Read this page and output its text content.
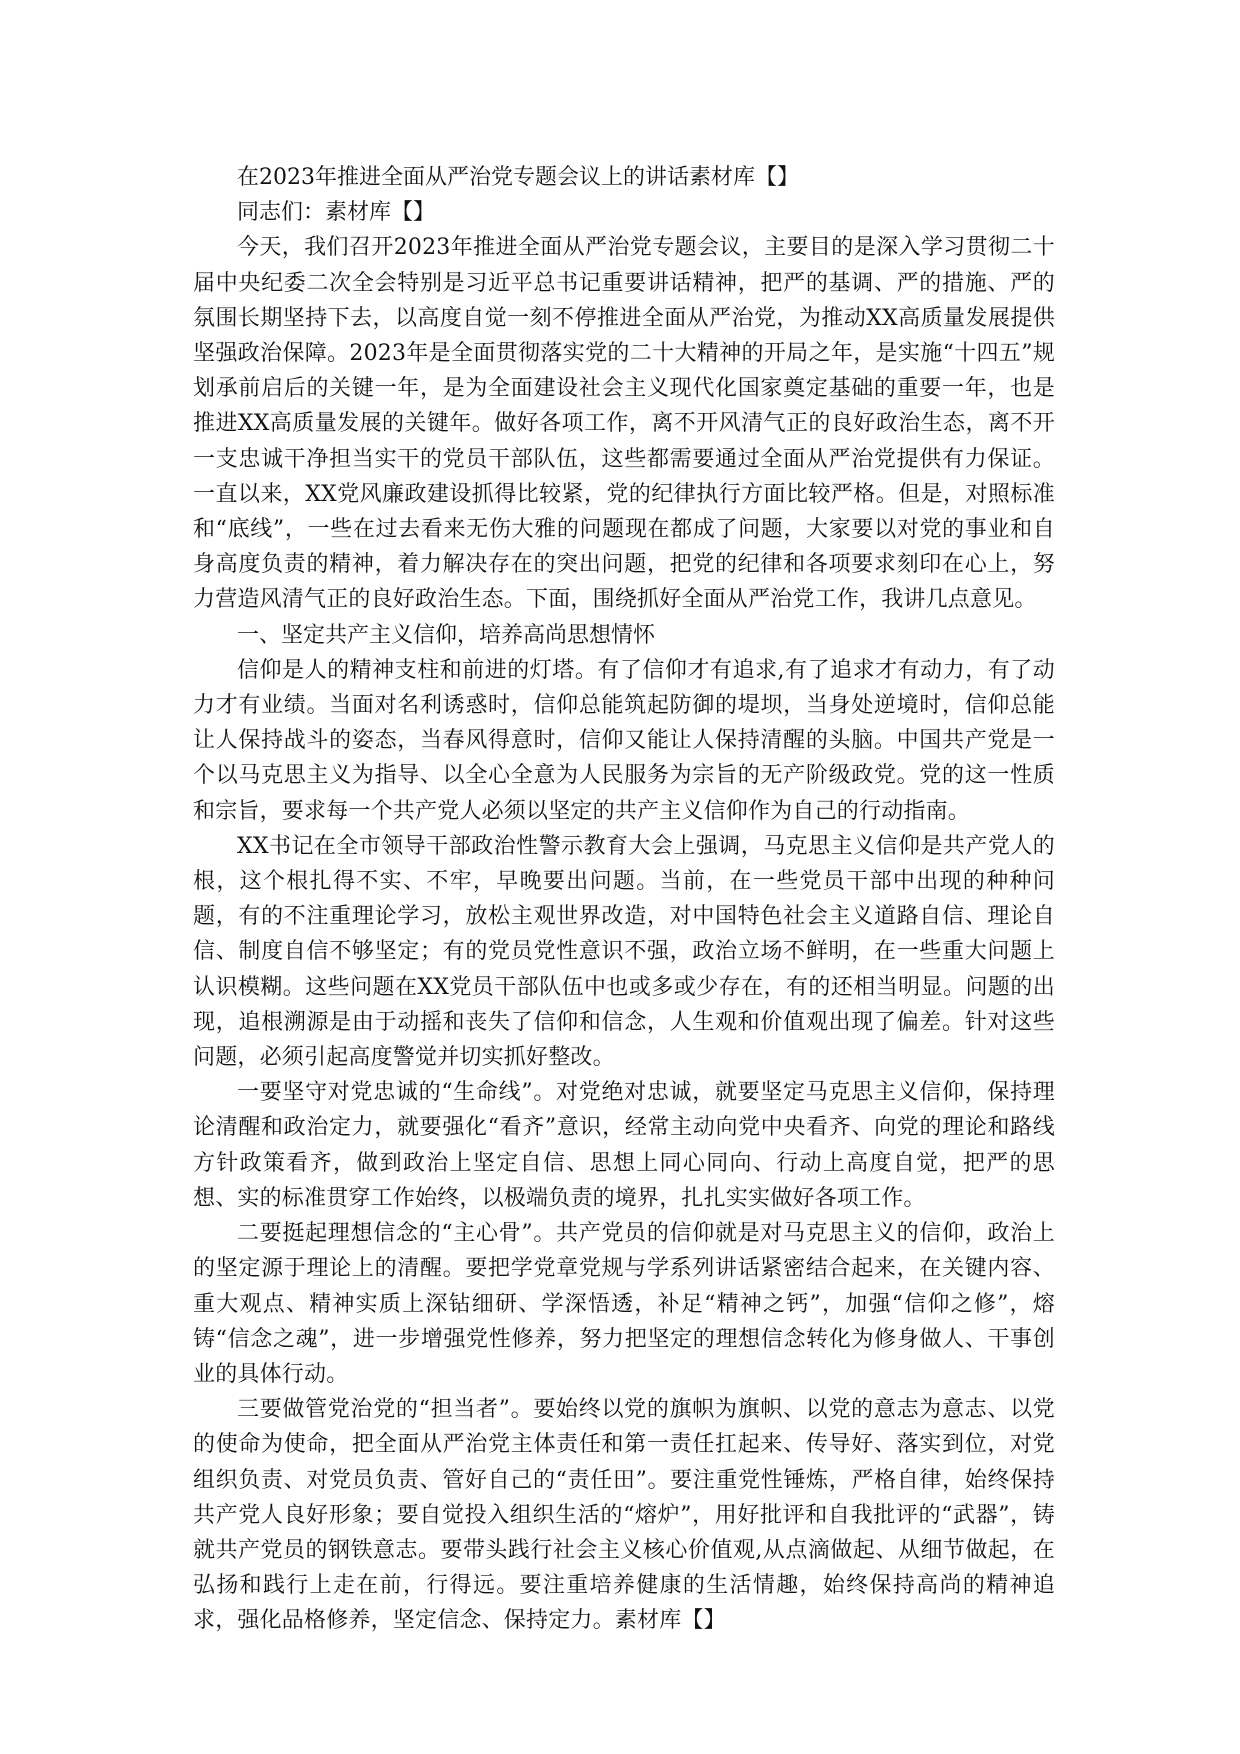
在2023年推进全面从严治党专题会议上的讲话素材库【】

同志们：素材库【】

今天，我们召开2023年推进全面从严治党专题会议，主要目的是深入学习贯彻二十届中央纪委二次全会特别是习近平总书记重要讲话精神，把严的基调、严的措施、严的氛围长期坚持下去，以高度自觉一刻不停推进全面从严治党，为推动XX高质量发展提供坚强政治保障。2023年是全面贯彻落实党的二十大精神的开局之年，是实施“十四五”规划承前启后的关键一年，是为全面建设社会主义现代化国家奠定基础的重要一年，也是推进XX高质量发展的关键年。做好各项工作，离不开风清气正的良好政治生态，离不开一支忠诚干净担当实干的党员干部队伍，这些都需要通过全面从严治党提供有力保证。一直以来，XX党风廉政建设抓得比较紧，党的纪律执行方面比较严格。但是，对照标准和“底线”，一些在过去看来无伤大雅的问题现在都成了问题，大家要以对党的事业和自身高度负责的精神，着力解决存在的突出问题，把党的纪律和各项要求刻印在心上，努力营造风清气正的良好政治生态。下面，围绕抓好全面从严治党工作，我讲几点意见。

一、坚定共产主义信仰，培养高尚思想情怀

信仰是人的精神支柱和前进的灯塔。有了信仰才有追求,有了追求才有动力，有了动力才有业绩。当面对名利诱惑时，信仰总能筑起防御的堤坝，当身处逆境时，信仰总能让人保持战斗的姿态，当春风得意时，信仰又能让人保持清醒的头脑。中国共产党是一个以马克思主义为指导、以全心全意为人民服务为宗旨的无产阶级政党。党的这一性质和宗旨，要求每一个共产党人必须以坚定的共产主义信仰作为自己的行动指南。

XX书记在全市领导干部政治性警示教育大会上强调，马克思主义信仰是共产党人的根，这个根扎得不实、不牢，早晚要出问题。当前，在一些党员干部中出现的种种问题，有的不注重理论学习，放松主观世界改造，对中国特色社会主义道路自信、理论自信、制度自信不够坚定；有的党员党性意识不强，政治立场不鲜明，在一些重大问题上认识模糊。这些问题在XX党员干部队伍中也或多或少存在，有的还相当明显。问题的出现，追根溯源是由于动摇和丧失了信仰和信念，人生观和价值观出现了偏差。针对这些问题，必须引起高度警觉并切实抓好整改。

一要坚守对党忠诚的“生命线”。对党绝对忠诚，就要坚定马克思主义信仰，保持理论清醒和政治定力，就要强化“看齐”意识，经常主动向党中央看齐、向党的理论和路线方针政策看齐，做到政治上坚定自信、思想上同心同向、行动上高度自觉，把严的思想、实的标准贯穿工作始终，以极端负责的境界，扎扎实实做好各项工作。

二要挺起理想信念的“主心骨”。共产党员的信仰就是对马克思主义的信仰，政治上的坚定源于理论上的清醒。要把学党章党规与学系列讲话紧密结合起来，在关键内容、重大观点、精神实质上深钻细研、学深悟透，补足“精神之钙”，加强“信仰之修”，熔铸“信念之魂”，进一步增强党性修养，努力把坚定的理想信念转化为修身做人、干事创业的具体行动。

三要做管党治党的“担当者”。要始终以党的旗帜为旗帜、以党的意志为意志、以党的使命为使命，把全面从严治党主体责任和第一责任扛起来、传导好、落实到位，对党组织负责、对党员负责、管好自己的“责任田”。要注重党性锤炼，严格自律，始终保持共产党人良好形象；要自觉投入组织生活的“熔炉”，用好批评和自我批评的“武器”，铸就共产党员的钢铁意志。要带头践行社会主义核心价值观,从点滴做起、从细节做起，在弘扬和践行上走在前，行得远。要注重培养健康的生活情趣，始终保持高尚的精神追求，强化品格修养，坚定信念、保持定力。素材库【】
